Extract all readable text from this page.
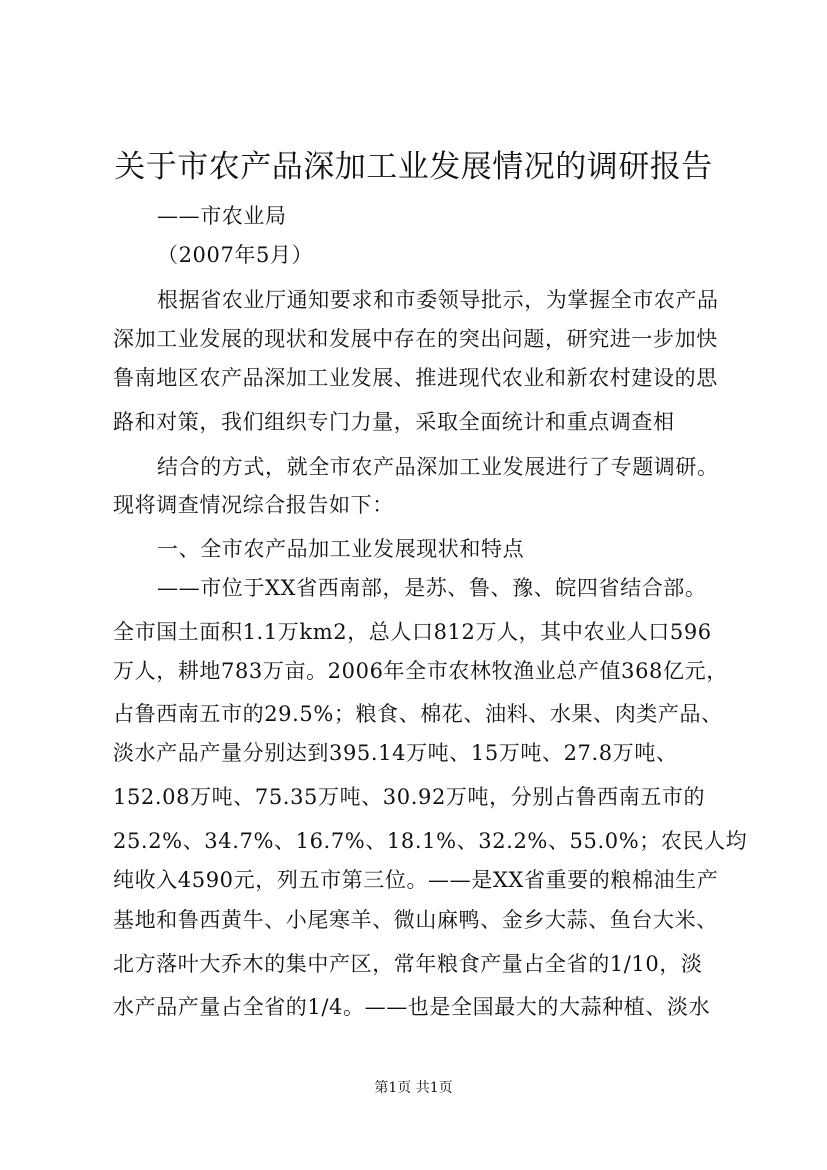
关于市农产品深加工业发展情况的调研报告
——市农业局
（2007年5月）
根据省农业厅通知要求和市委领导批示，为掌握全市农产品
深加工业发展的现状和发展中存在的突出问题，研究进一步加快
鲁南地区农产品深加工业发展、推进现代农业和新农村建设的思
路和对策，我们组织专门力量，采取全面统计和重点调查相
结合的方式，就全市农产品深加工业发展进行了专题调研。
现将调查情况综合报告如下：
一、全市农产品加工业发展现状和特点
——市位于XX省西南部，是苏、鲁、豫、皖四省结合部。
全市国土面积1.1万km2，总人口812万人，其中农业人口596
万人，耕地783万亩。2006年全市农林牧渔业总产值368亿元，
占鲁西南五市的29.5%；粮食、棉花、油料、水果、肉类产品、
淡水产品产量分别达到395.14万吨、15万吨、27.8万吨、
152.08万吨、75.35万吨、30.92万吨，分别占鲁西南五市的
25.2%、34.7%、16.7%、18.1%、32.2%、55.0%；农民人均
纯收入4590元，列五市第三位。——是XX省重要的粮棉油生产
基地和鲁西黄牛、小尾寒羊、微山麻鸭、金乡大蒜、鱼台大米、
北方落叶大乔木的集中产区，常年粮食产量占全省的1/10，淡
水产品产量占全省的1/4。——也是全国最大的大蒜种植、淡水
第1页 共1页
